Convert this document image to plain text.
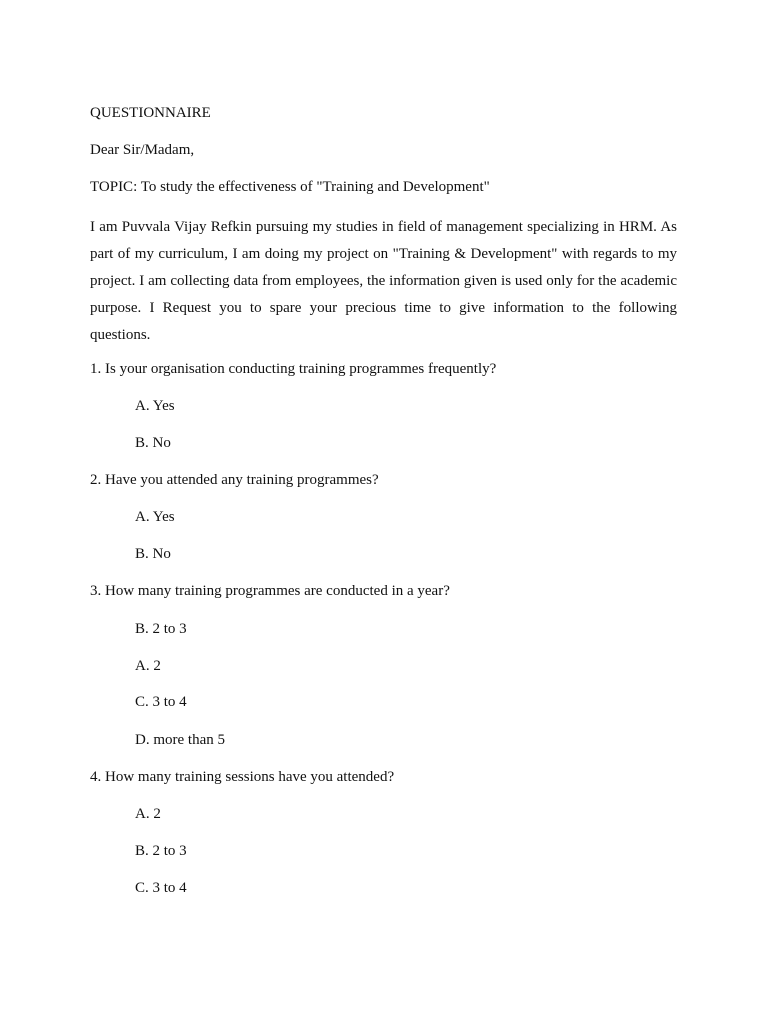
QUESTIONNAIRE
Dear Sir/Madam,
TOPIC: To study the effectiveness of "Training and Development"
I am Puvvala Vijay Refkin pursuing my studies in field of management specializing in HRM. As part of my curriculum, I am doing my project on "Training & Development" with regards to my project. I am collecting data from employees, the information given is used only for the academic purpose. I Request you to spare your precious time to give information to the following questions.
1. Is your organisation conducting training programmes frequently?
A. Yes
B. No
2. Have you attended any training programmes?
A. Yes
B. No
3. How many training programmes are conducted in a year?
B. 2 to 3
A. 2
C. 3 to 4
D. more than 5
4. How many training sessions have you attended?
A. 2
B. 2 to 3
C. 3 to 4
